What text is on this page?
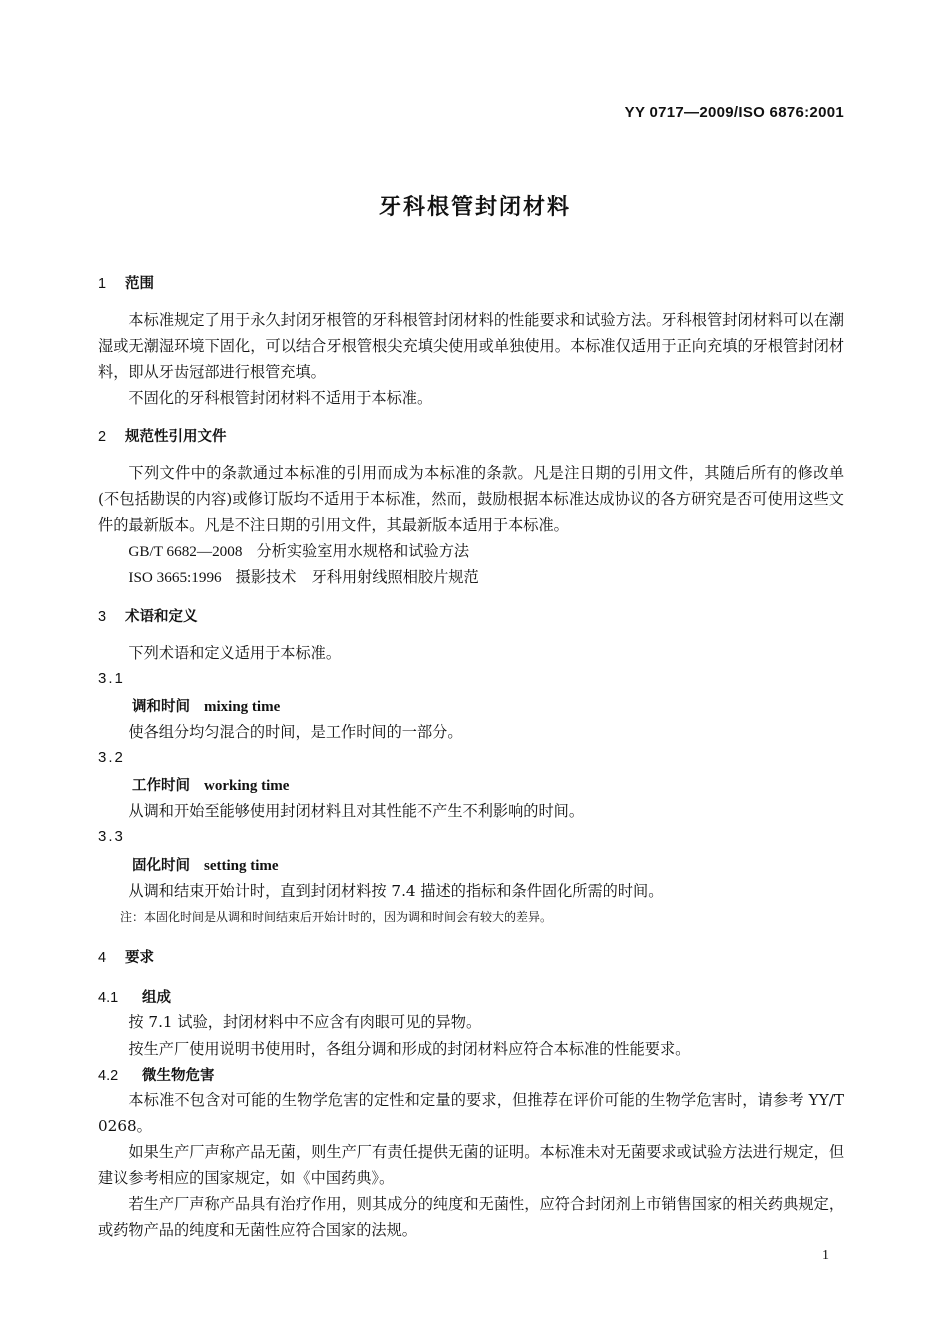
YY 0717—2009/ISO 6876:2001
牙科根管封闭材料
1 范围
本标准规定了用于永久封闭牙根管的牙科根管封闭材料的性能要求和试验方法。牙科根管封闭材料可以在潮湿或无潮湿环境下固化，可以结合牙根管根尖充填尖使用或单独使用。本标准仅适用于正向充填的牙根管封闭材料，即从牙齿冠部进行根管充填。
不固化的牙科根管封闭材料不适用于本标准。
2 规范性引用文件
下列文件中的条款通过本标准的引用而成为本标准的条款。凡是注日期的引用文件，其随后所有的修改单(不包括勘误的内容)或修订版均不适用于本标准，然而，鼓励根据本标准达成协议的各方研究是否可使用这些文件的最新版本。凡是不注日期的引用文件，其最新版本适用于本标准。
GB/T 6682—2008 分析实验室用水规格和试验方法
ISO 3665:1996 摄影技术　牙科用射线照相胶片规范
3 术语和定义
下列术语和定义适用于本标准。
3.1
调和时间 mixing time
使各组分均匀混合的时间，是工作时间的一部分。
3.2
工作时间 working time
从调和开始至能够使用封闭材料且对其性能不产生不利影响的时间。
3.3
固化时间 setting time
从调和结束开始计时，直到封闭材料按 7.4 描述的指标和条件固化所需的时间。
注：本固化时间是从调和时间结束后开始计时的，因为调和时间会有较大的差异。
4 要求
4.1 组成
按 7.1 试验，封闭材料中不应含有肉眼可见的异物。
按生产厂使用说明书使用时，各组分调和形成的封闭材料应符合本标准的性能要求。
4.2 微生物危害
本标准不包含对可能的生物学危害的定性和定量的要求，但推荐在评价可能的生物学危害时，请参考 YY/T 0268。
如果生产厂声称产品无菌，则生产厂有责任提供无菌的证明。本标准未对无菌要求或试验方法进行规定，但建议参考相应的国家规定，如《中国药典》。
若生产厂声称产品具有治疗作用，则其成分的纯度和无菌性，应符合封闭剂上市销售国家的相关药典规定，或药物产品的纯度和无菌性应符合国家的法规。
1
